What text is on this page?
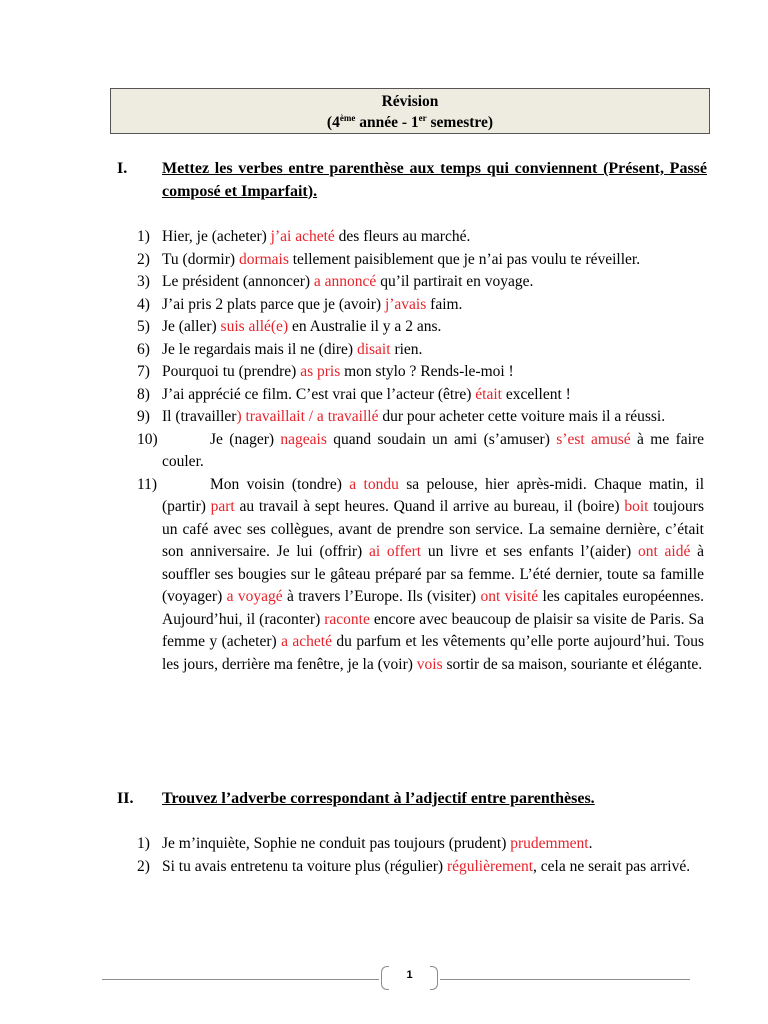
Révision
(4ème année - 1er semestre)
I. Mettez les verbes entre parenthèse aux temps qui conviennent (Présent, Passé composé et Imparfait).
1) Hier, je (acheter) j’ai acheté des fleurs au marché.
2) Tu (dormir) dormais tellement paisiblement que je n’ai pas voulu te réveiller.
3) Le président (annoncer) a annoncé qu’il partirait en voyage.
4) J’ai pris 2 plats parce que je (avoir) j’avais faim.
5) Je (aller) suis allé(e) en Australie il y a 2 ans.
6) Je le regardais mais il ne (dire) disait rien.
7) Pourquoi tu (prendre) as pris mon stylo ? Rends-le-moi !
8) J’ai apprécié ce film. C’est vrai que l’acteur (être) était excellent !
9) Il (travailler) travaillait / a travaillé dur pour acheter cette voiture mais il a réussi.
10)	Je (nager) nageais quand soudain un ami (s’amuser) s’est amusé à me faire couler.
11)	Mon voisin (tondre) a tondu sa pelouse, hier après-midi. Chaque matin, il (partir) part au travail à sept heures. Quand il arrive au bureau, il (boire) boit toujours un café avec ses collègues, avant de prendre son service. La semaine dernière, c’était son anniversaire. Je lui (offrir) ai offert un livre et ses enfants l’(aider) ont aidé à souffler ses bougies sur le gâteau préparé par sa femme. L’été dernier, toute sa famille (voyager) a voyagé à travers l’Europe. Ils (visiter) ont visité les capitales européennes. Aujourd’hui, il (raconter) raconte encore avec beaucoup de plaisir sa visite de Paris. Sa femme y (acheter) a acheté du parfum et les vêtements qu’elle porte aujourd’hui. Tous les jours, derrière ma fenêtre, je la (voir) vois sortir de sa maison, souriante et élégante.
II. Trouvez l’adverbe correspondant à l’adjectif entre parenthèses.
1) Je m’inquiète, Sophie ne conduit pas toujours (prudent) prudemment.
2) Si tu avais entretenu ta voiture plus (régulier) régulièrement, cela ne serait pas arrivé.
1
